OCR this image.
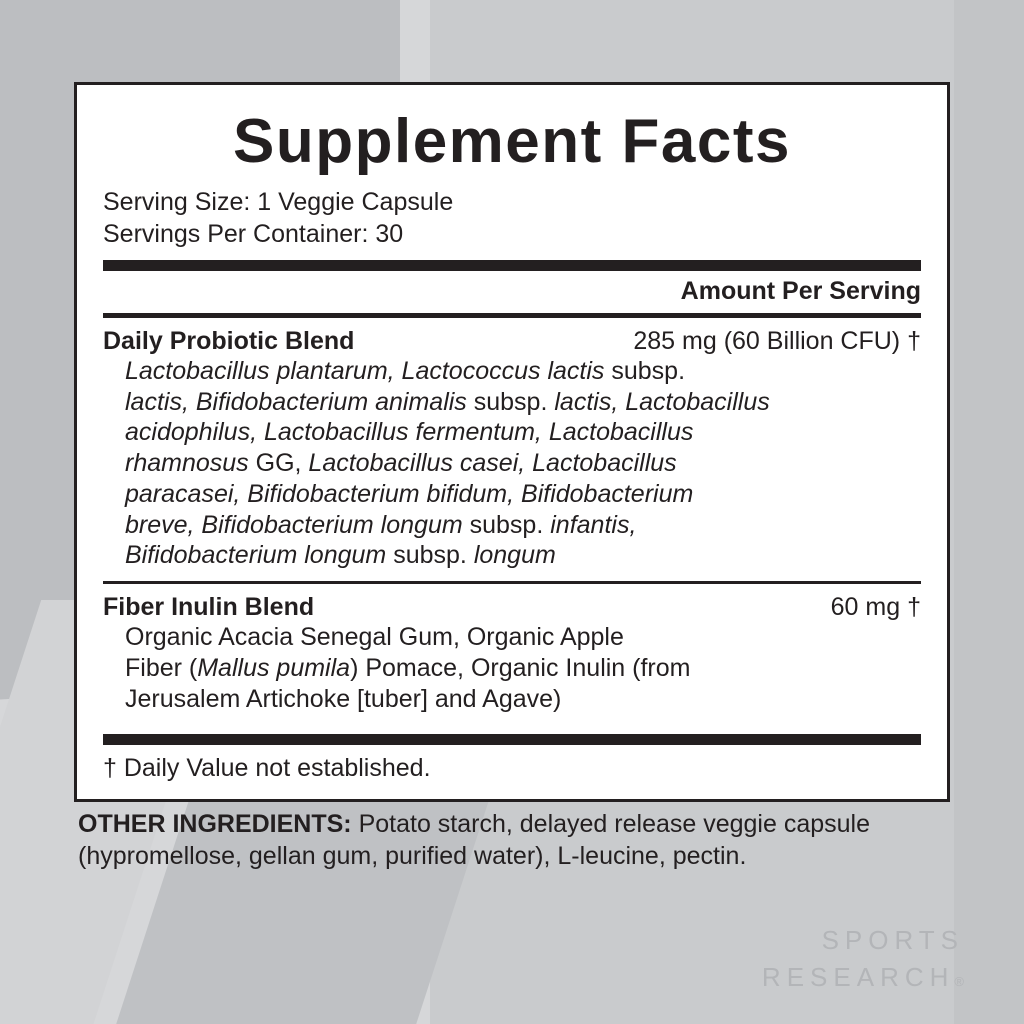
Supplement Facts
Serving Size: 1 Veggie Capsule
Servings Per Container: 30
Amount Per Serving
Daily Probiotic Blend	285 mg (60 Billion CFU) †
Lactobacillus plantarum, Lactococcus lactis subsp.
lactis, Bifidobacterium animalis subsp. lactis, Lactobacillus
acidophilus, Lactobacillus fermentum, Lactobacillus
rhamnosus GG, Lactobacillus casei, Lactobacillus
paracasei, Bifidobacterium bifidum, Bifidobacterium
breve, Bifidobacterium longum subsp. infantis,
Bifidobacterium longum subsp. longum
Fiber Inulin Blend	60 mg †
Organic Acacia Senegal Gum, Organic Apple
Fiber (Mallus pumila) Pomace, Organic Inulin (from
Jerusalem Artichoke [tuber] and Agave)
† Daily Value not established.
OTHER INGREDIENTS: Potato starch, delayed release veggie capsule
(hypromellose, gellan gum, purified water), L-leucine, pectin.
SPORTS
RESEARCH®
